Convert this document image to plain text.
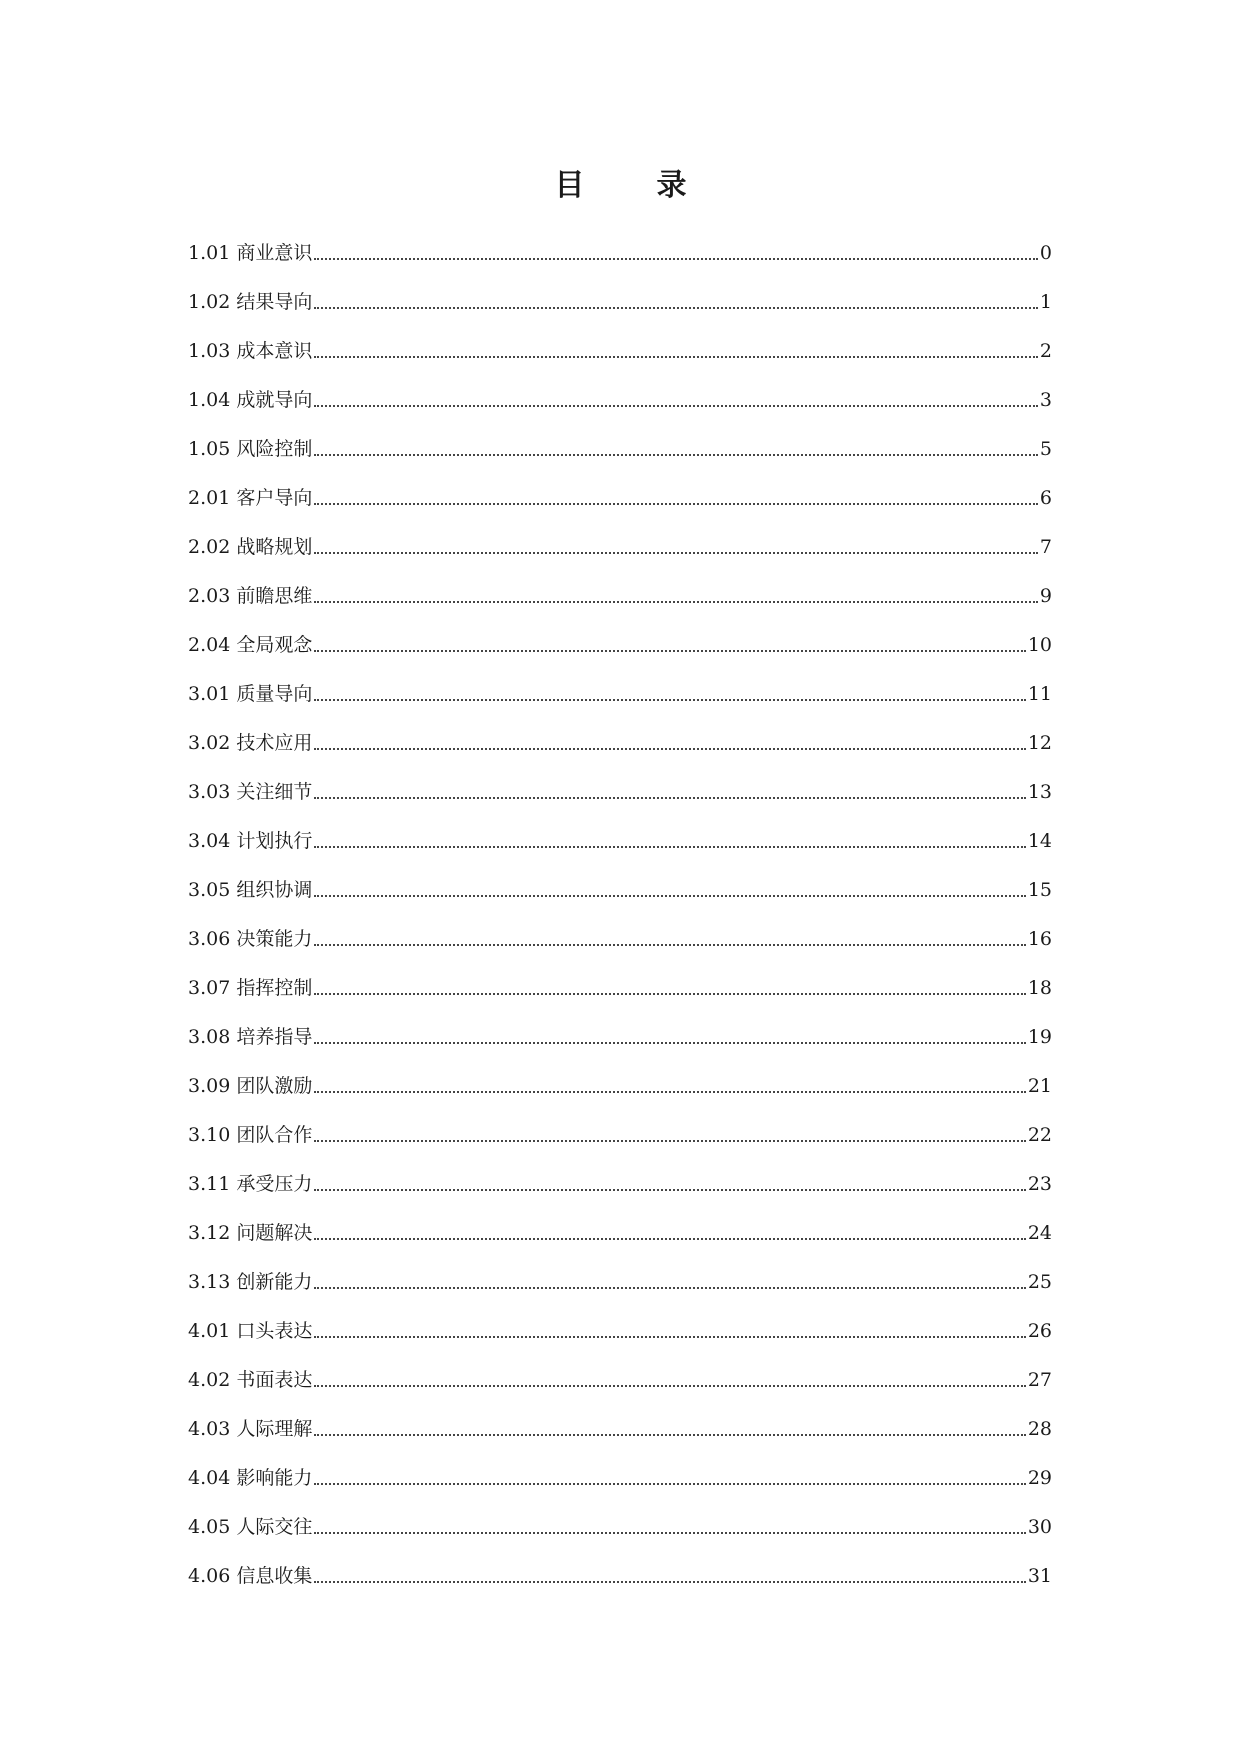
目 录
1.01 商业意识	0
1.02 结果导向	1
1.03 成本意识	2
1.04 成就导向	3
1.05 风险控制	5
2.01 客户导向	6
2.02 战略规划	7
2.03 前瞻思维	9
2.04 全局观念	10
3.01 质量导向	11
3.02 技术应用	12
3.03 关注细节	13
3.04 计划执行	14
3.05 组织协调	15
3.06 决策能力	16
3.07 指挥控制	18
3.08 培养指导	19
3.09 团队激励	21
3.10 团队合作	22
3.11 承受压力	23
3.12 问题解决	24
3.13 创新能力	25
4.01 口头表达	26
4.02 书面表达	27
4.03 人际理解	28
4.04 影响能力	29
4.05 人际交往	30
4.06 信息收集	31
